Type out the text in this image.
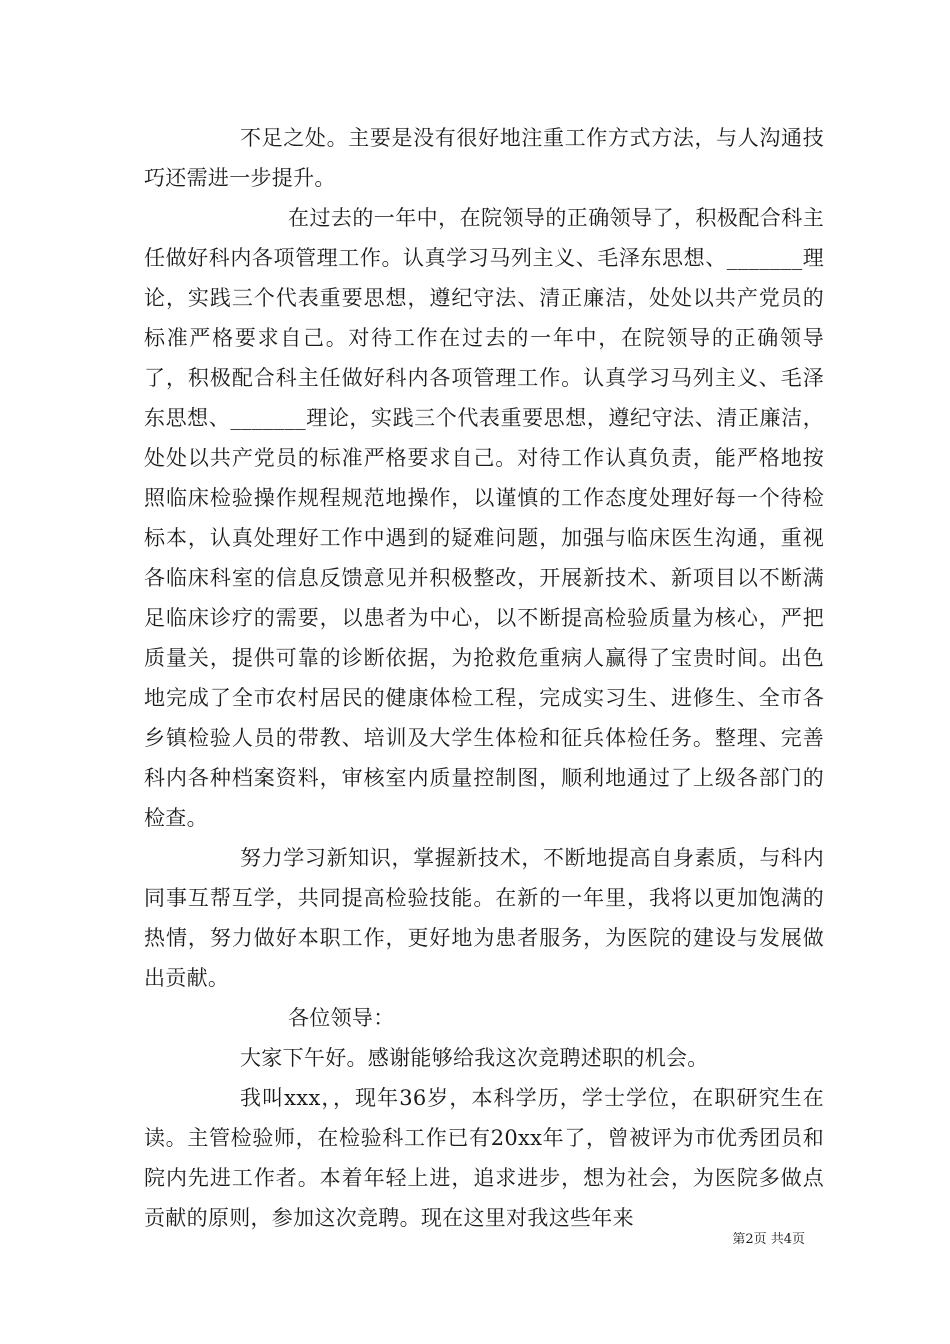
不足之处。主要是没有很好地注重工作方式方法，与人沟通技巧还需进一步提升。

在过去的一年中，在院领导的正确领导了，积极配合科主任做好科内各项管理工作。认真学习马列主义、毛泽东思想、_______理论，实践三个代表重要思想，遵纪守法、清正廉洁，处处以共产党员的标准严格要求自己。对待工作在过去的一年中，在院领导的正确领导了，积极配合科主任做好科内各项管理工作。认真学习马列主义、毛泽东思想、_______理论，实践三个代表重要思想，遵纪守法、清正廉洁，处处以共产党员的标准严格要求自己。对待工作认真负责，能严格地按照临床检验操作规程规范地操作，以谨慎的工作态度处理好每一个待检标本，认真处理好工作中遇到的疑难问题，加强与临床医生沟通，重视各临床科室的信息反馈意见并积极整改，开展新技术、新项目以不断满足临床诊疗的需要，以患者为中心，以不断提高检验质量为核心，严把质量关，提供可靠的诊断依据，为抢救危重病人赢得了宝贵时间。出色地完成了全市农村居民的健康体检工程，完成实习生、进修生、全市各乡镇检验人员的带教、培训及大学生体检和征兵体检任务。整理、完善科内各种档案资料，审核室内质量控制图，顺利地通过了上级各部门的检查。

努力学习新知识，掌握新技术，不断地提高自身素质，与科内同事互帮互学，共同提高检验技能。在新的一年里，我将以更加饱满的热情，努力做好本职工作，更好地为患者服务，为医院的建设与发展做出贡献。

各位领导：

大家下午好。感谢能够给我这次竞聘述职的机会。

我叫xxx，，现年36岁，本科学历，学士学位，在职研究生在读。主管检验师，在检验科工作已有20xx年了，曾被评为市优秀团员和院内先进工作者。本着年轻上进，追求进步，想为社会，为医院多做点贡献的原则，参加这次竞聘。现在这里对我这些年来

第2页 共4页
